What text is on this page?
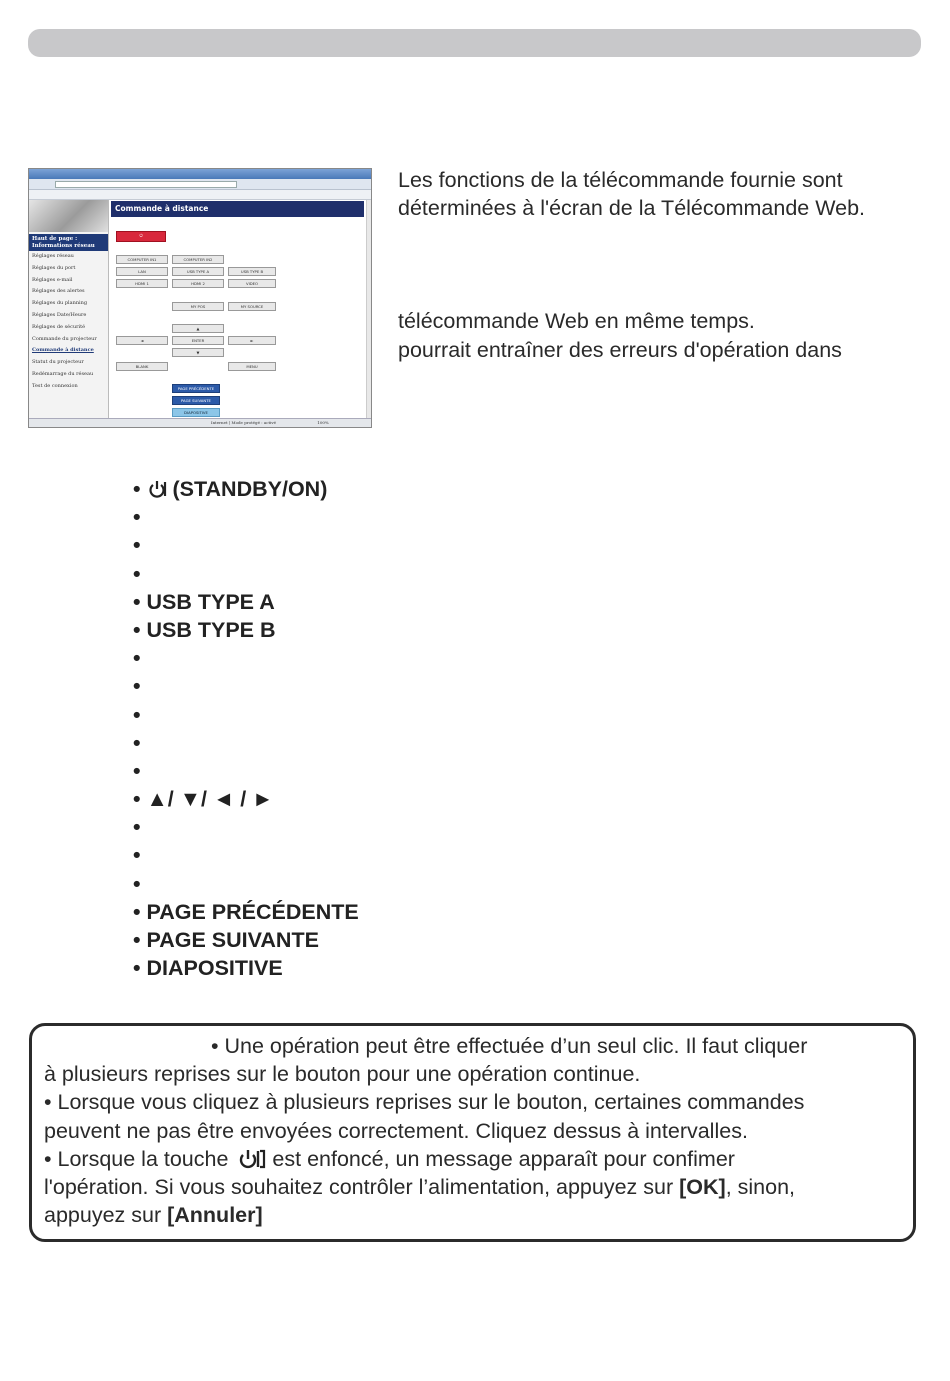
Haut de page : Informations réseau
Réglages réseau
Réglages du port
Réglages e-mail
Réglages des alertes
Réglages du planning
Réglages Date/Heure
Réglages de sécurité
Commande du projecteur
Commande à distance
Statut du projecteur
Redémarrage du réseau
Test de connexion
Commande à distance
⏻
COMPUTER IN1	COMPUTER IN2
LAN	USB TYPE A	USB TYPE B
HDMI 1	HDMI 2	VIDEO
MY POS	MY SOURCE
▲
◄	ENTER	►
▼
BLANK	MENU
PAGE PRÉCÉDENTE
PAGE SUIVANTE
DIAPOSITIVE
Internet | Mode protégé : activé	100%
Les fonctions de la télécommande fournie sont
déterminées à l'écran de la Télécommande Web.
télécommande Web en même temps.
pourrait entraîner des erreurs d'opération dans
•  (STANDBY/ON)
•
•
•
• USB TYPE A
• USB TYPE B
•
•
•
•
•
• ▲/ ▼/ ◄ / ►
•
•
•
• PAGE PRÉCÉDENTE
• PAGE SUIVANTE
• DIAPOSITIVE
• Une opération peut être effectuée d’un seul clic. Il faut cliquer
à plusieurs reprises sur le bouton pour une opération continue.
• Lorsque vous cliquez à plusieurs reprises sur le bouton, certaines commandes
peuvent ne pas être envoyées correctement. Cliquez dessus à intervalles.
• Lorsque la touche est enfoncé, un message apparaît pour confimer
l'opération. Si vous souhaitez contrôler l’alimentation, appuyez sur [OK], sinon,
appuyez sur [Annuler]
